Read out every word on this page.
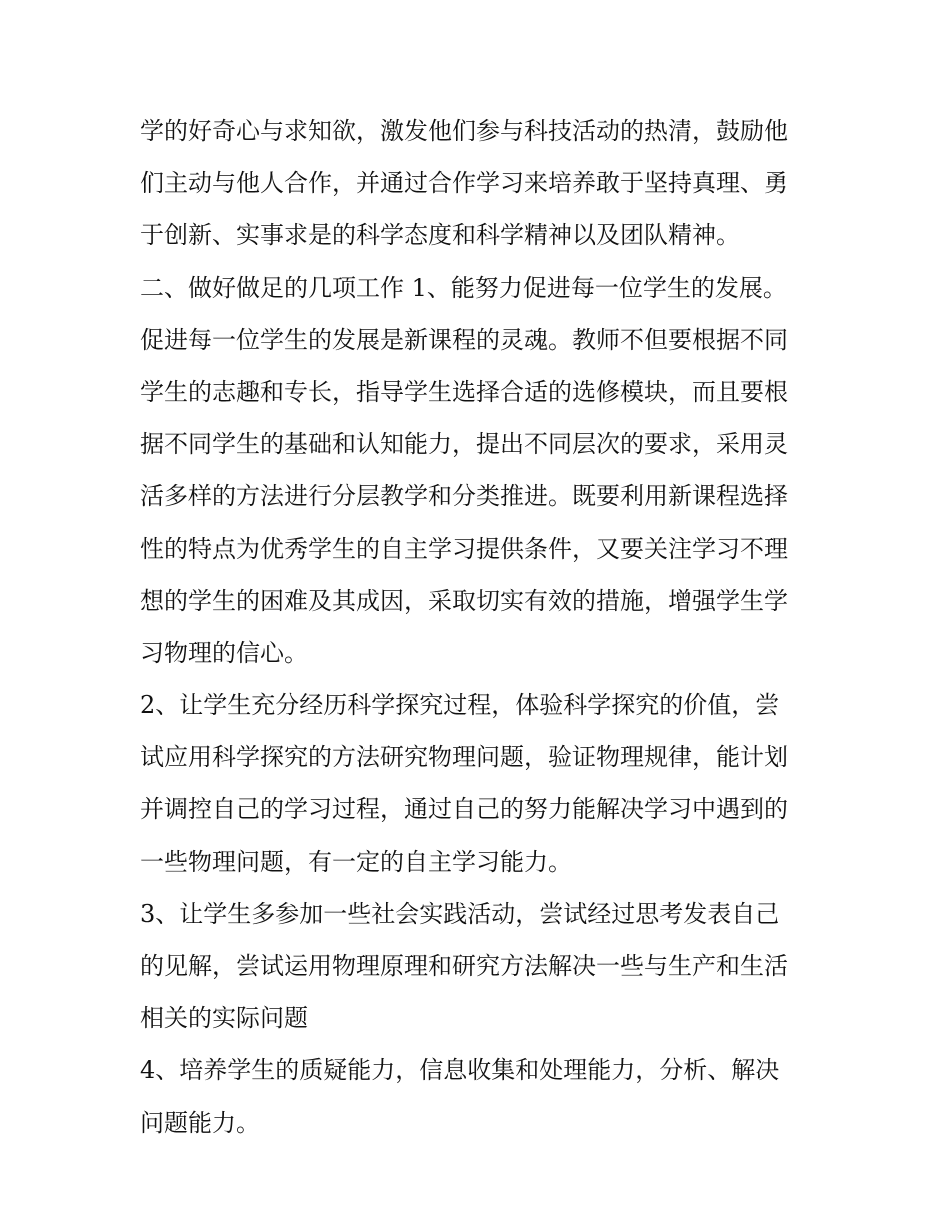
学的好奇心与求知欲，激发他们参与科技活动的热清，鼓励他
们主动与他人合作，并通过合作学习来培养敢于坚持真理、勇
于创新、实事求是的科学态度和科学精神以及团队精神。
二、做好做足的几项工作 1、能努力促进每一位学生的发展。
促进每一位学生的发展是新课程的灵魂。教师不但要根据不同
学生的志趣和专长，指导学生选择合适的选修模块，而且要根
据不同学生的基础和认知能力，提出不同层次的要求，采用灵
活多样的方法进行分层教学和分类推进。既要利用新课程选择
性的特点为优秀学生的自主学习提供条件，又要关注学习不理
想的学生的困难及其成因，采取切实有效的措施，增强学生学
习物理的信心。
2、让学生充分经历科学探究过程，体验科学探究的价值，尝
试应用科学探究的方法研究物理问题，验证物理规律，能计划
并调控自己的学习过程，通过自己的努力能解决学习中遇到的
一些物理问题，有一定的自主学习能力。
3、让学生多参加一些社会实践活动，尝试经过思考发表自己
的见解，尝试运用物理原理和研究方法解决一些与生产和生活
相关的实际问题
4、培养学生的质疑能力，信息收集和处理能力，分析、解决
问题能力。
